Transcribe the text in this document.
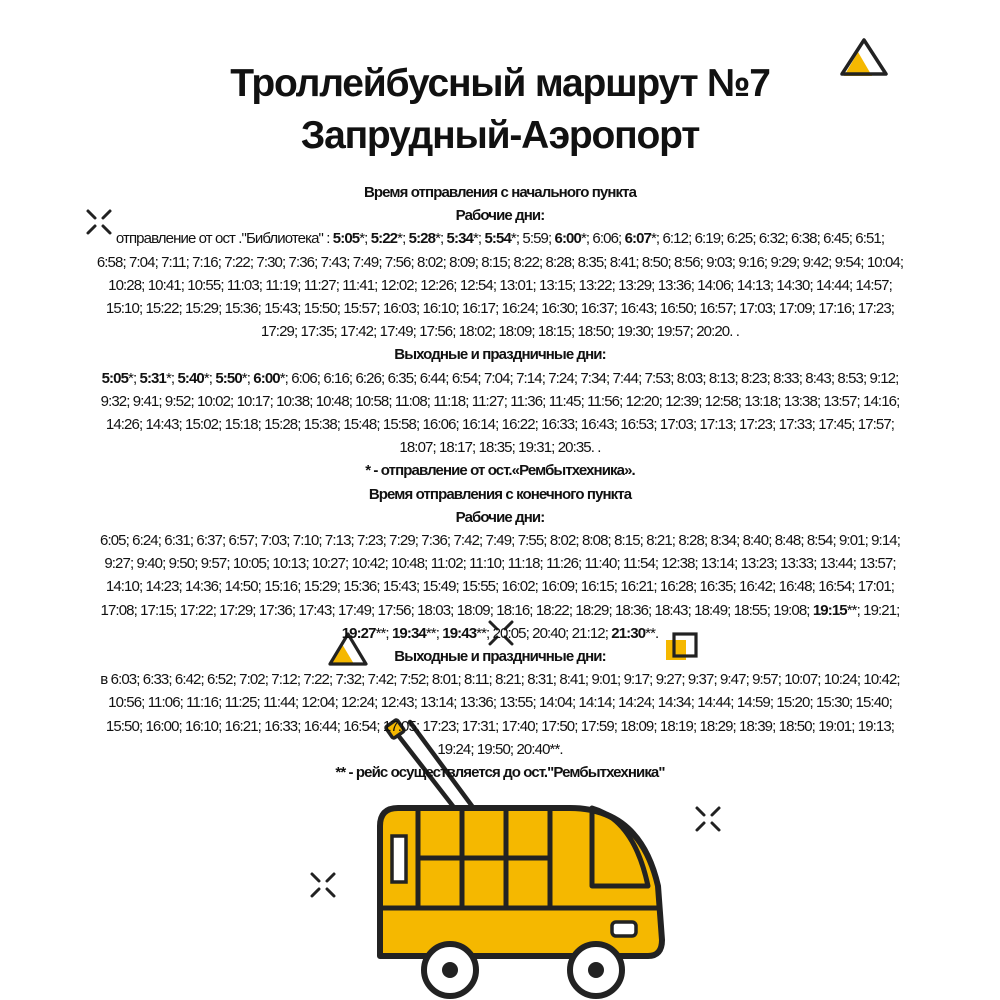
Троллейбусный маршрут №7
Запрудный-Аэропорт
Время отправления с начального пункта
Рабочие дни:
отправление от ост ."Библиотека" : 5:05*; 5:22*; 5:28*; 5:34*; 5:54*; 5:59; 6:00*; 6:06; 6:07*; 6:12; 6:19; 6:25; 6:32; 6:38; 6:45; 6:51;
6:58; 7:04; 7:11; 7:16; 7:22; 7:30; 7:36; 7:43; 7:49; 7:56; 8:02; 8:09; 8:15; 8:22; 8:28; 8:35; 8:41; 8:50; 8:56; 9:03; 9:16; 9:29; 9:42; 9:54; 10:04;
10:28; 10:41; 10:55; 11:03; 11:19; 11:27; 11:41; 12:02; 12:26; 12:54; 13:01; 13:15; 13:22; 13:29; 13:36; 14:06; 14:13; 14:30; 14:44; 14:57;
15:10; 15:22; 15:29; 15:36; 15:43; 15:50; 15:57; 16:03; 16:10; 16:17; 16:24; 16:30; 16:37; 16:43; 16:50; 16:57; 17:03; 17:09; 17:16; 17:23;
17:29; 17:35; 17:42; 17:49; 17:56; 18:02; 18:09; 18:15; 18:50; 19:30; 19:57; 20:20. .
Выходные и праздничные дни:
5:05*; 5:31*; 5:40*; 5:50*; 6:00*; 6:06; 6:16; 6:26; 6:35; 6:44; 6:54; 7:04; 7:14; 7:24; 7:34; 7:44; 7:53; 8:03; 8:13; 8:23; 8:33; 8:43; 8:53; 9:12;
9:32; 9:41; 9:52; 10:02; 10:17; 10:38; 10:48; 10:58; 11:08; 11:18; 11:27; 11:36; 11:45; 11:56; 12:20; 12:39; 12:58; 13:18; 13:38; 13:57; 14:16;
14:26; 14:43; 15:02; 15:18; 15:28; 15:38; 15:48; 15:58; 16:06; 16:14; 16:22; 16:33; 16:43; 16:53; 17:03; 17:13; 17:23; 17:33; 17:45; 17:57;
18:07; 18:17; 18:35; 19:31; 20:35. .
* - отправление от ост.«Рембытхехника».
Время отправления с конечного пункта
Рабочие дни:
6:05; 6:24; 6:31; 6:37; 6:57; 7:03; 7:10; 7:13; 7:23; 7:29; 7:36; 7:42; 7:49; 7:55; 8:02; 8:08; 8:15; 8:21; 8:28; 8:34; 8:40; 8:48; 8:54; 9:01; 9:14;
9:27; 9:40; 9:50; 9:57; 10:05; 10:13; 10:27; 10:42; 10:48; 11:02; 11:10; 11:18; 11:26; 11:40; 11:54; 12:38; 13:14; 13:23; 13:33; 13:44; 13:57;
14:10; 14:23; 14:36; 14:50; 15:16; 15:29; 15:36; 15:43; 15:49; 15:55; 16:02; 16:09; 16:15; 16:21; 16:28; 16:35; 16:42; 16:48; 16:54; 17:01;
17:08; 17:15; 17:22; 17:29; 17:36; 17:43; 17:49; 17:56; 18:03; 18:09; 18:16; 18:22; 18:29; 18:36; 18:43; 18:49; 18:55; 19:08; 19:15**; 19:21;
19:27**; 19:34**; 19:43**; 20:05; 20:40; 21:12; 21:30**.
Выходные и праздничные дни:
в 6:03; 6:33; 6:42; 6:52; 7:02; 7:12; 7:22; 7:32; 7:42; 7:52; 8:01; 8:11; 8:21; 8:31; 8:41; 9:01; 9:17; 9:27; 9:37; 9:47; 9:57; 10:07; 10:24; 10:42;
10:56; 11:06; 11:16; 11:25; 11:44; 12:04; 12:24; 12:43; 13:14; 13:36; 13:55; 14:04; 14:14; 14:24; 14:34; 14:44; 14:59; 15:20; 15:30; 15:40;
15:50; 16:00; 16:10; 16:21; 16:33; 16:44; 16:54; 17:05; 17:23; 17:31; 17:40; 17:50; 17:59; 18:09; 18:19; 18:29; 18:39; 18:50; 19:01; 19:13;
19:24; 19:50; 20:40**.
** - рейс осуществляется до ост."Рембытхехника"
